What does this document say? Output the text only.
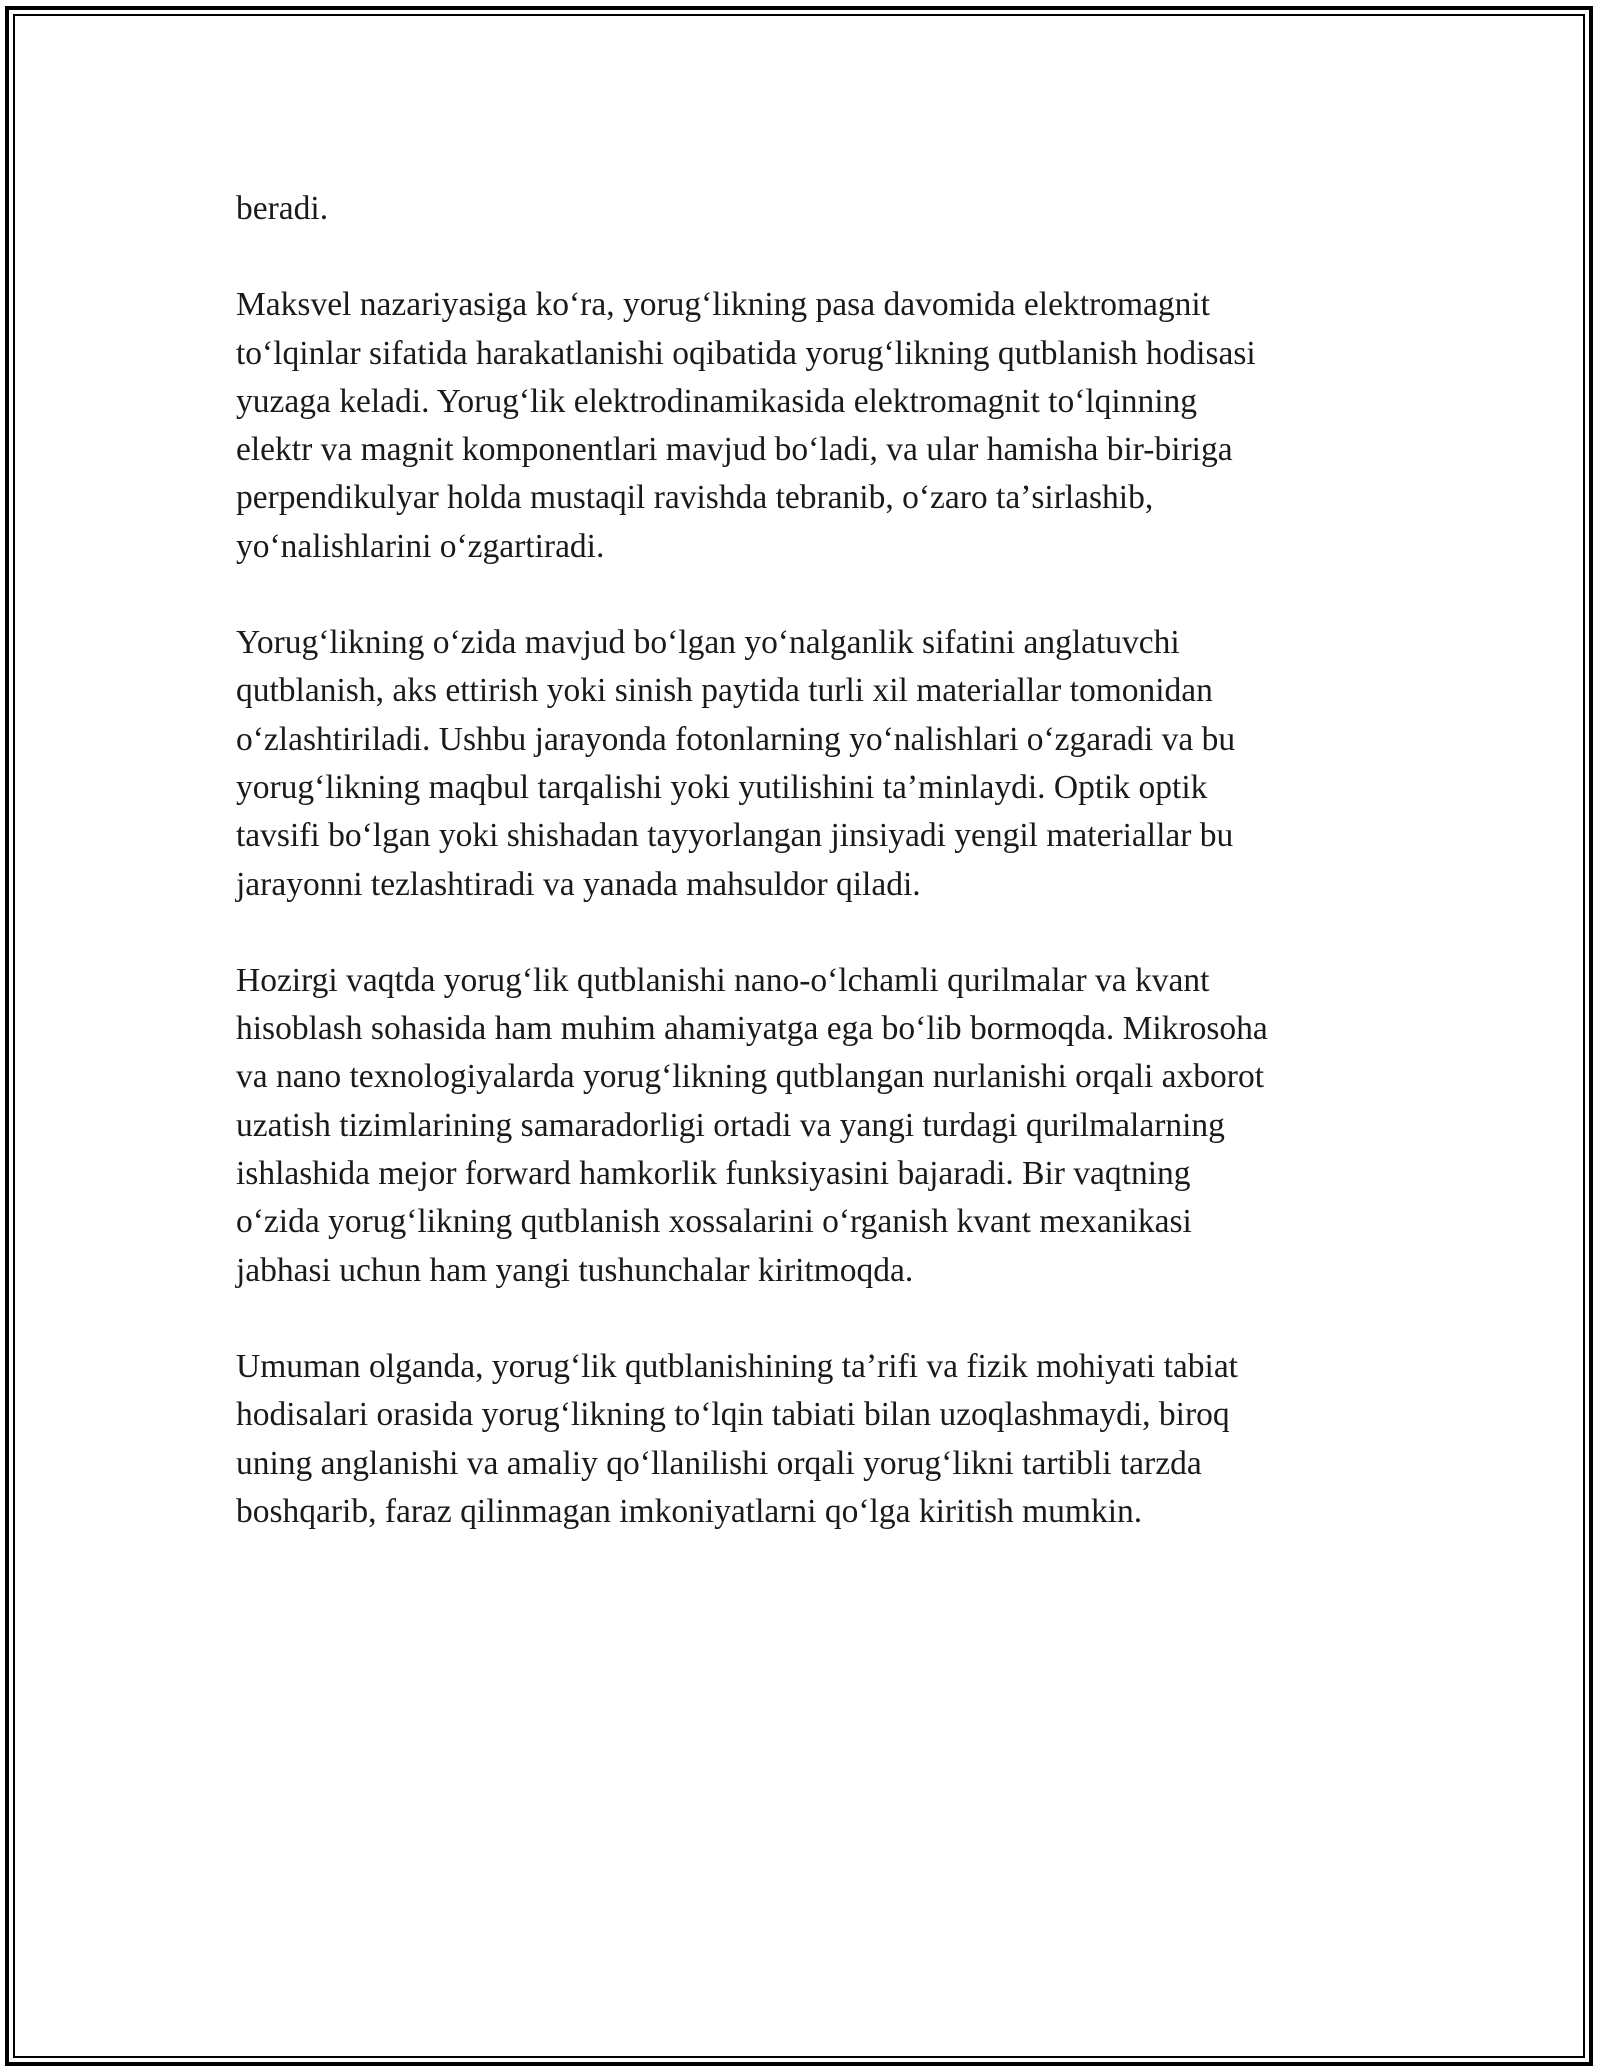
beradi.

Maksvel nazariyasiga koʻra, yorugʻlikning pasa davomida elektromagnit
toʻlqinlar sifatida harakatlanishi oqibatida yorugʻlikning qutblanish hodisasi
yuzaga keladi. Yorugʻlik elektrodinamikasida elektromagnit toʻlqinning
elektr va magnit komponentlari mavjud boʻladi, va ular hamisha bir-biriga
perpendikulyar holda mustaqil ravishda tebranib, oʻzaro taʼsirlashib,
yoʻnalishlarini oʻzgartiradi.

Yorugʻlikning oʻzida mavjud boʻlgan yoʻnalganlik sifatini anglatuvchi
qutblanish, aks ettirish yoki sinish paytida turli xil materiallar tomonidan
oʻzlashtiriladi. Ushbu jarayonda fotonlarning yoʻnalishlari oʻzgaradi va bu
yorugʻlikning maqbul tarqalishi yoki yutilishini taʼminlaydi. Optik optik
tavsifi boʻlgan yoki shishadan tayyorlangan jinsiyadi yengil materiallar bu
jarayonni tezlashtiradi va yanada mahsuldor qiladi.

Hozirgi vaqtda yorugʻlik qutblanishi nano-oʻlchamli qurilmalar va kvant
hisoblash sohasida ham muhim ahamiyatga ega boʻlib bormoqda. Mikrosoha
va nano texnologiyalarda yorugʻlikning qutblangan nurlanishi orqali axborot
uzatish tizimlarining samaradorligi ortadi va yangi turdagi qurilmalarning
ishlashida mejor forward hamkorlik funksiyasini bajaradi. Bir vaqtning
oʻzida yorugʻlikning qutblanish xossalarini oʻrganish kvant mexanikasi
jabhasi uchun ham yangi tushunchalar kiritmoqda.

Umuman olganda, yorugʻlik qutblanishining taʼrifi va fizik mohiyati tabiat
hodisalari orasida yorugʻlikning toʻlqin tabiati bilan uzoqlashmaydi, biroq
uning anglanishi va amaliy qoʻllanilishi orqali yorugʻlikni tartibli tarzda
boshqarib, faraz qilinmagan imkoniyatlarni qoʻlga kiritish mumkin.
